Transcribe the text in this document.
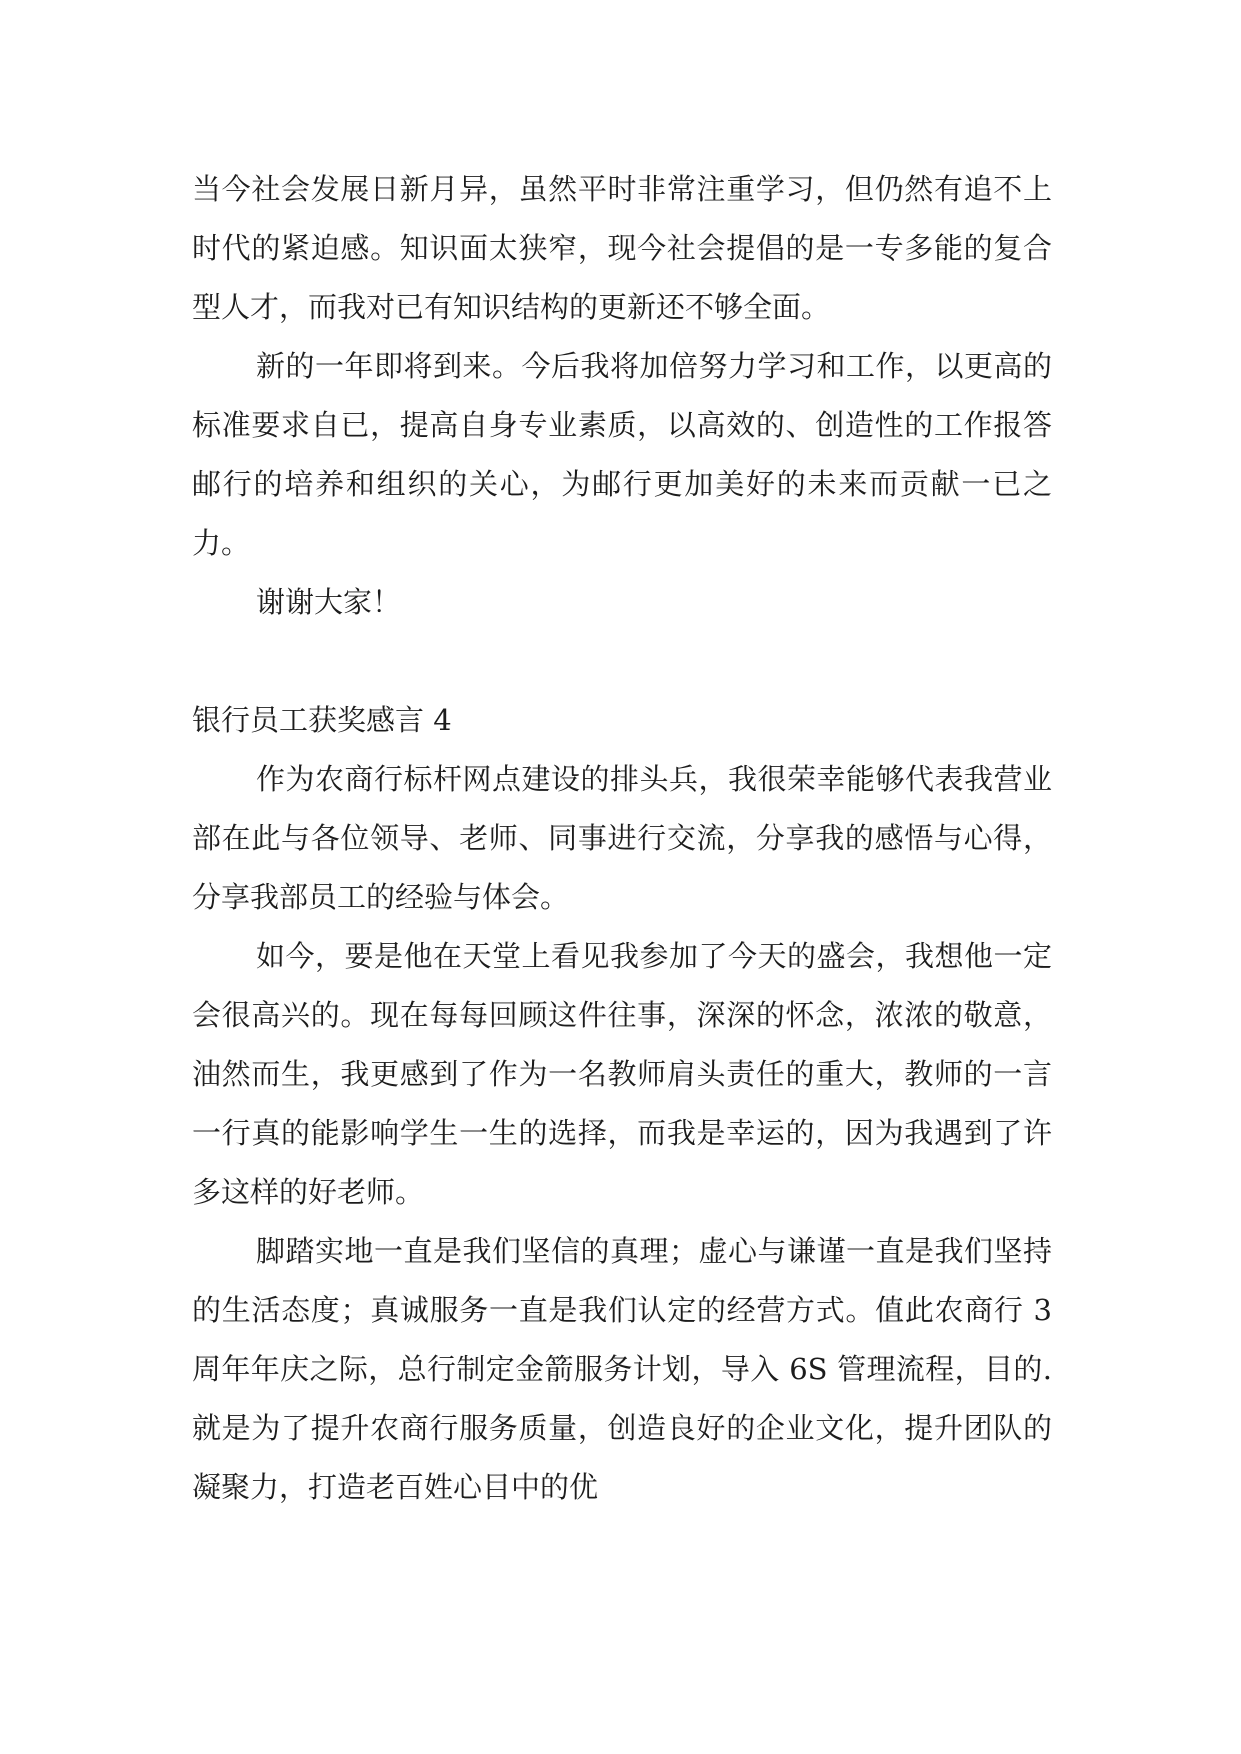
当今社会发展日新月异，虽然平时非常注重学习，但仍然有追不上时代的紧迫感。知识面太狭窄，现今社会提倡的是一专多能的复合型人才，而我对已有知识结构的更新还不够全面。

新的一年即将到来。今后我将加倍努力学习和工作，以更高的标准要求自已，提高自身专业素质，以高效的、创造性的工作报答邮行的培养和组织的关心，为邮行更加美好的未来而贡献一已之力。

谢谢大家！

银行员工获奖感言 4

作为农商行标杆网点建设的排头兵，我很荣幸能够代表我营业部在此与各位领导、老师、同事进行交流，分享我的感悟与心得，分享我部员工的经验与体会。

如今，要是他在天堂上看见我参加了今天的盛会，我想他一定会很高兴的。现在每每回顾这件往事，深深的怀念，浓浓的敬意，油然而生，我更感到了作为一名教师肩头责任的重大，教师的一言一行真的能影响学生一生的选择，而我是幸运的，因为我遇到了许多这样的好老师。

脚踏实地一直是我们坚信的真理；虚心与谦谨一直是我们坚持的生活态度；真诚服务一直是我们认定的经营方式。值此农商行 3 周年年庆之际，总行制定金箭服务计划，导入 6S 管理流程，目的.就是为了提升农商行服务质量，创造良好的企业文化，提升团队的凝聚力，打造老百姓心目中的优
